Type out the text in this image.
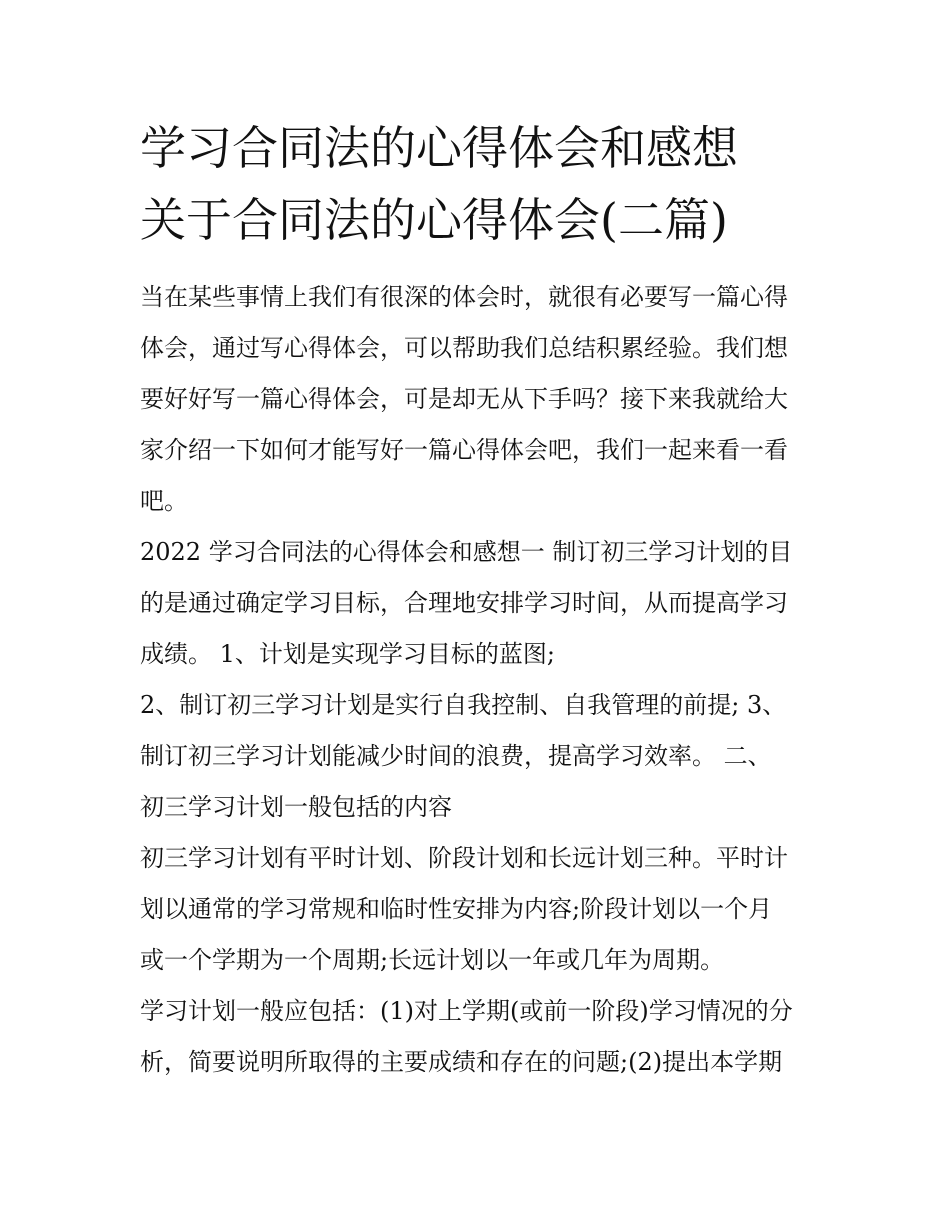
学习合同法的心得体会和感想
关于合同法的心得体会(二篇)

当在某些事情上我们有很深的体会时，就很有必要写一篇心得
体会，通过写心得体会，可以帮助我们总结积累经验。我们想
要好好写一篇心得体会，可是却无从下手吗？接下来我就给大
家介绍一下如何才能写好一篇心得体会吧，我们一起来看一看
吧。

2022 学习合同法的心得体会和感想一 制订初三学习计划的目
的是通过确定学习目标，合理地安排学习时间，从而提高学习
成绩。 1、计划是实现学习目标的蓝图;

2、制订初三学习计划是实行自我控制、自我管理的前提; 3、
制订初三学习计划能减少时间的浪费，提高学习效率。 二、
初三学习计划一般包括的内容

初三学习计划有平时计划、阶段计划和长远计划三种。平时计
划以通常的学习常规和临时性安排为内容;阶段计划以一个月
或一个学期为一个周期;长远计划以一年或几年为周期。

学习计划一般应包括：(1)对上学期(或前一阶段)学习情况的分
析，简要说明所取得的主要成绩和存在的问题;(2)提出本学期
